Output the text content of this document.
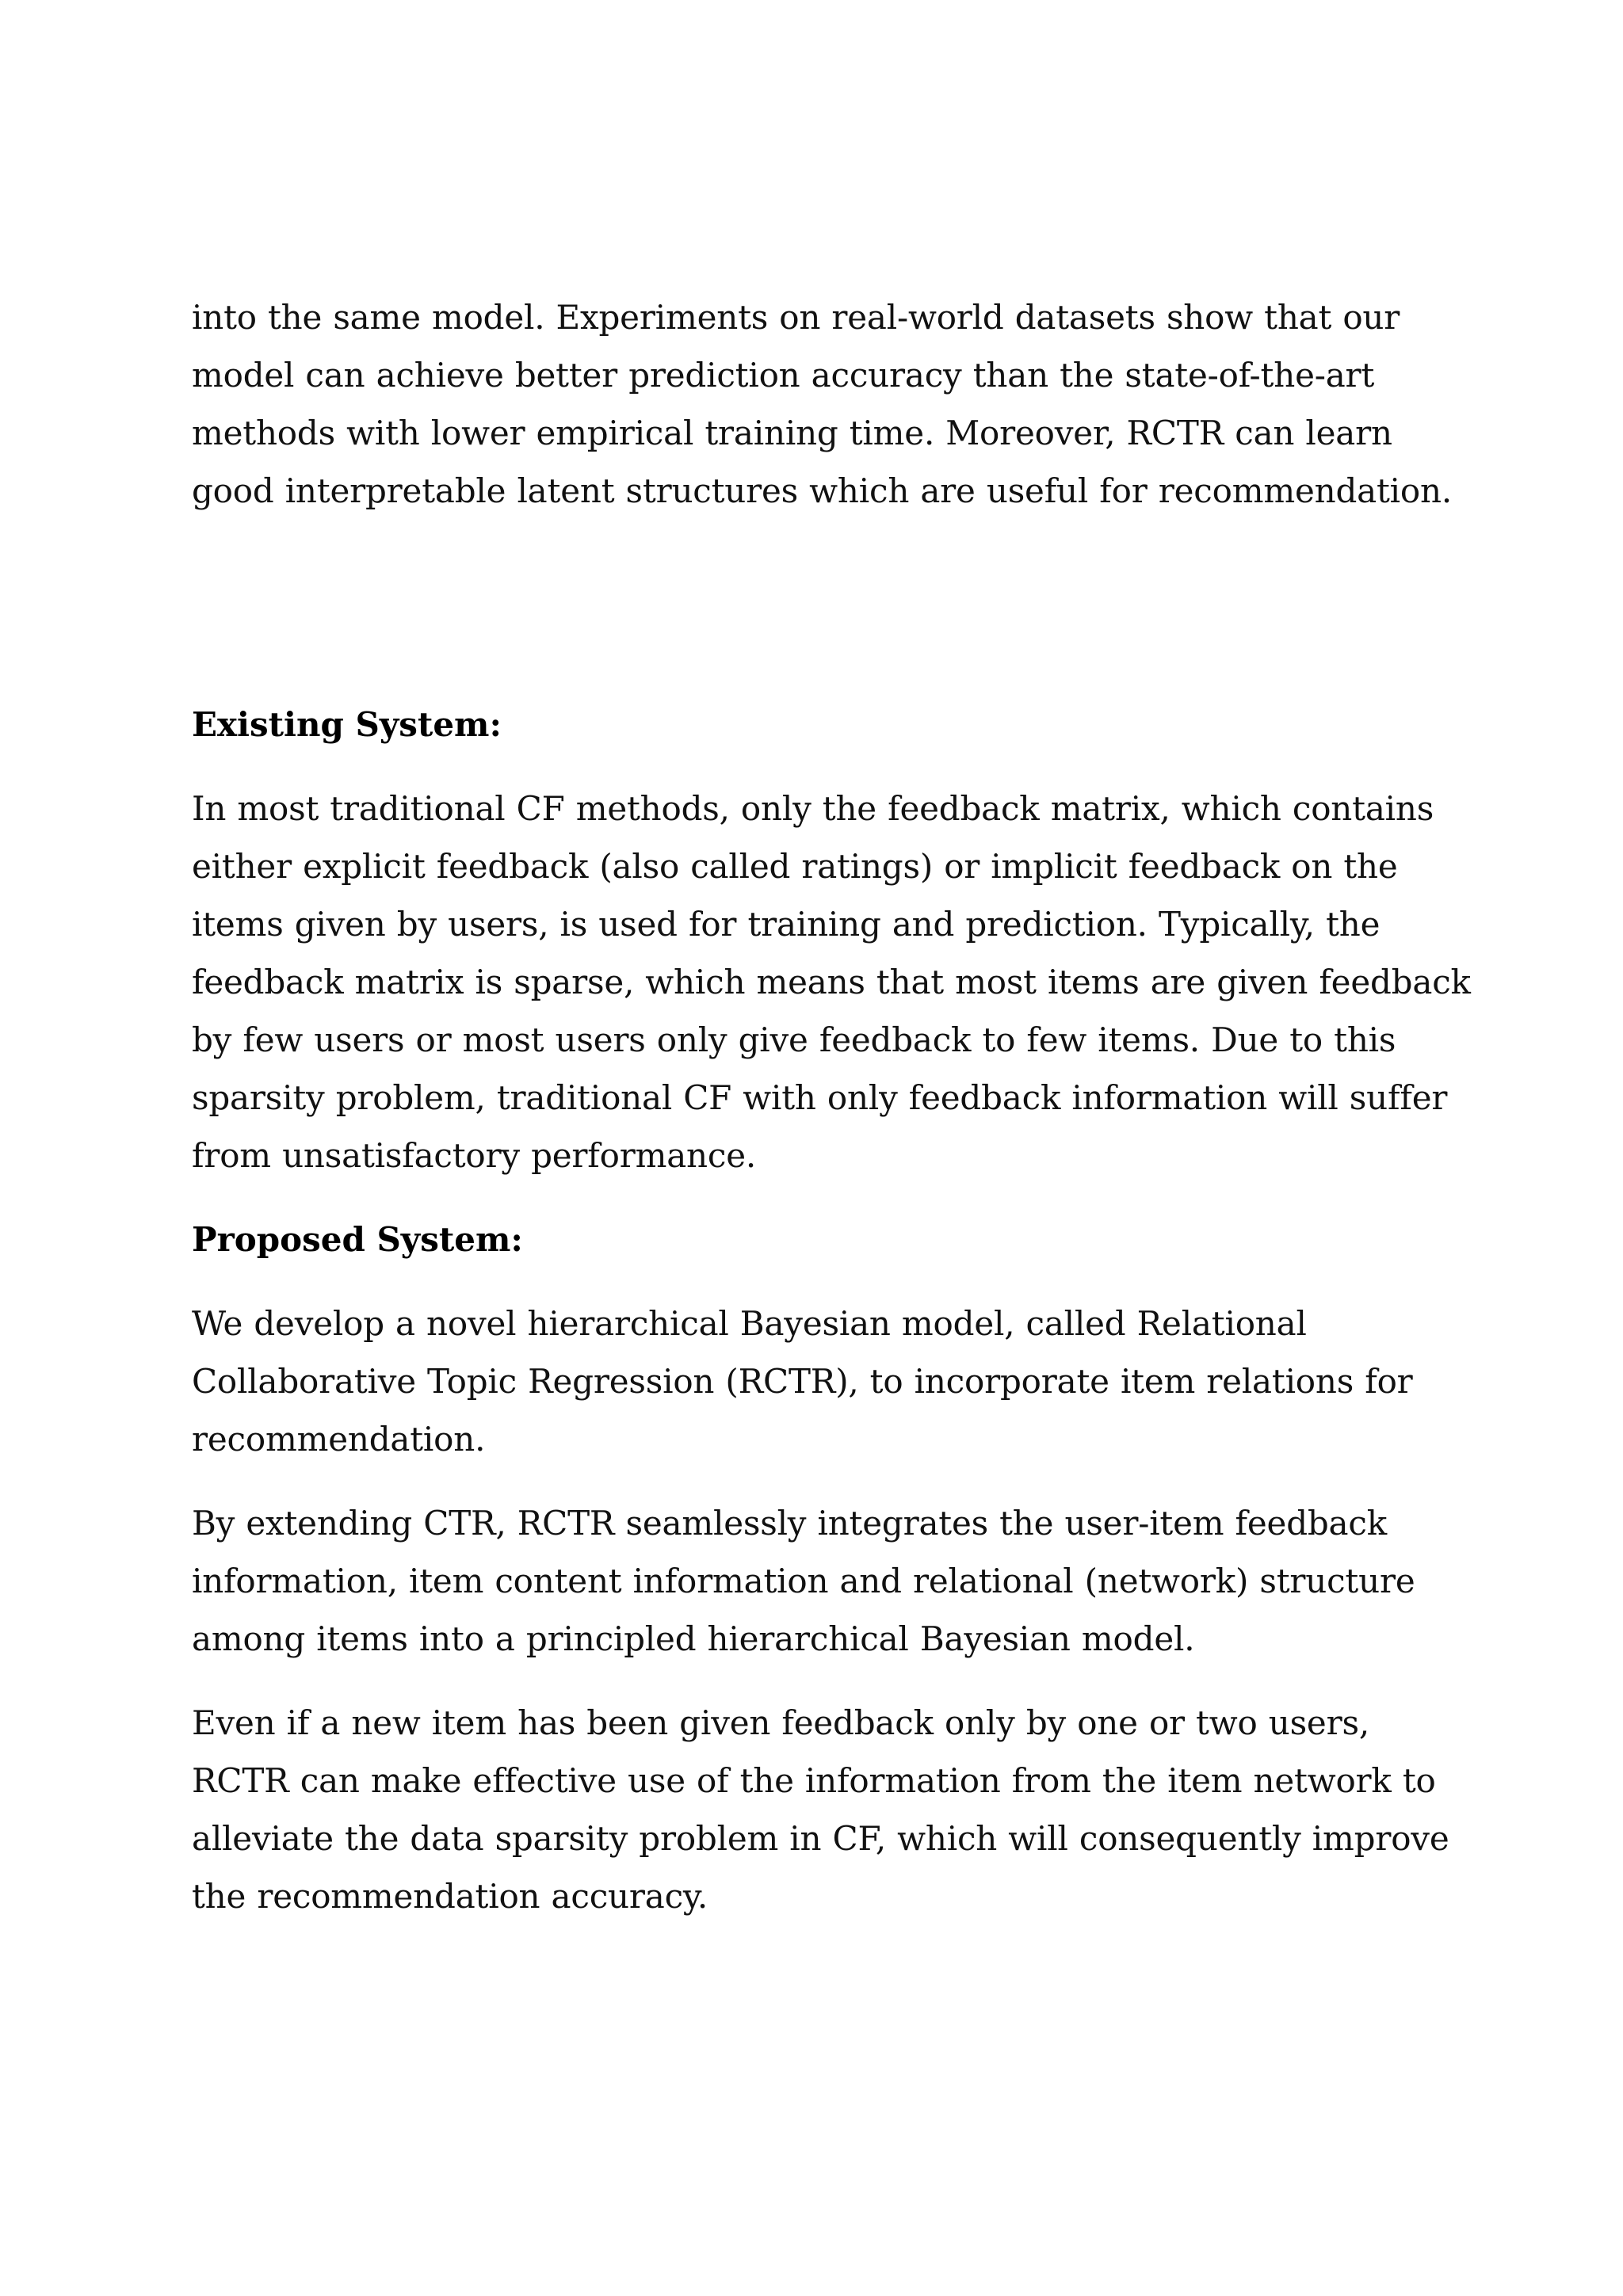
into the same model. Experiments on real-world datasets show that our
model can achieve better prediction accuracy than the state-of-the-art
methods with lower empirical training time. Moreover, RCTR can learn
good interpretable latent structures which are useful for recommendation.

Existing System:

In most traditional CF methods, only the feedback matrix, which contains
either explicit feedback (also called ratings) or implicit feedback on the
items given by users, is used for training and prediction. Typically, the
feedback matrix is sparse, which means that most items are given feedback
by few users or most users only give feedback to few items. Due to this
sparsity problem, traditional CF with only feedback information will suffer
from unsatisfactory performance.

Proposed System:

We develop a novel hierarchical Bayesian model, called Relational
Collaborative Topic Regression (RCTR), to incorporate item relations for
recommendation.

By extending CTR, RCTR seamlessly integrates the user-item feedback
information, item content information and relational (network) structure
among items into a principled hierarchical Bayesian model.

Even if a new item has been given feedback only by one or two users,
RCTR can make effective use of the information from the item network to
alleviate the data sparsity problem in CF, which will consequently improve
the recommendation accuracy.
